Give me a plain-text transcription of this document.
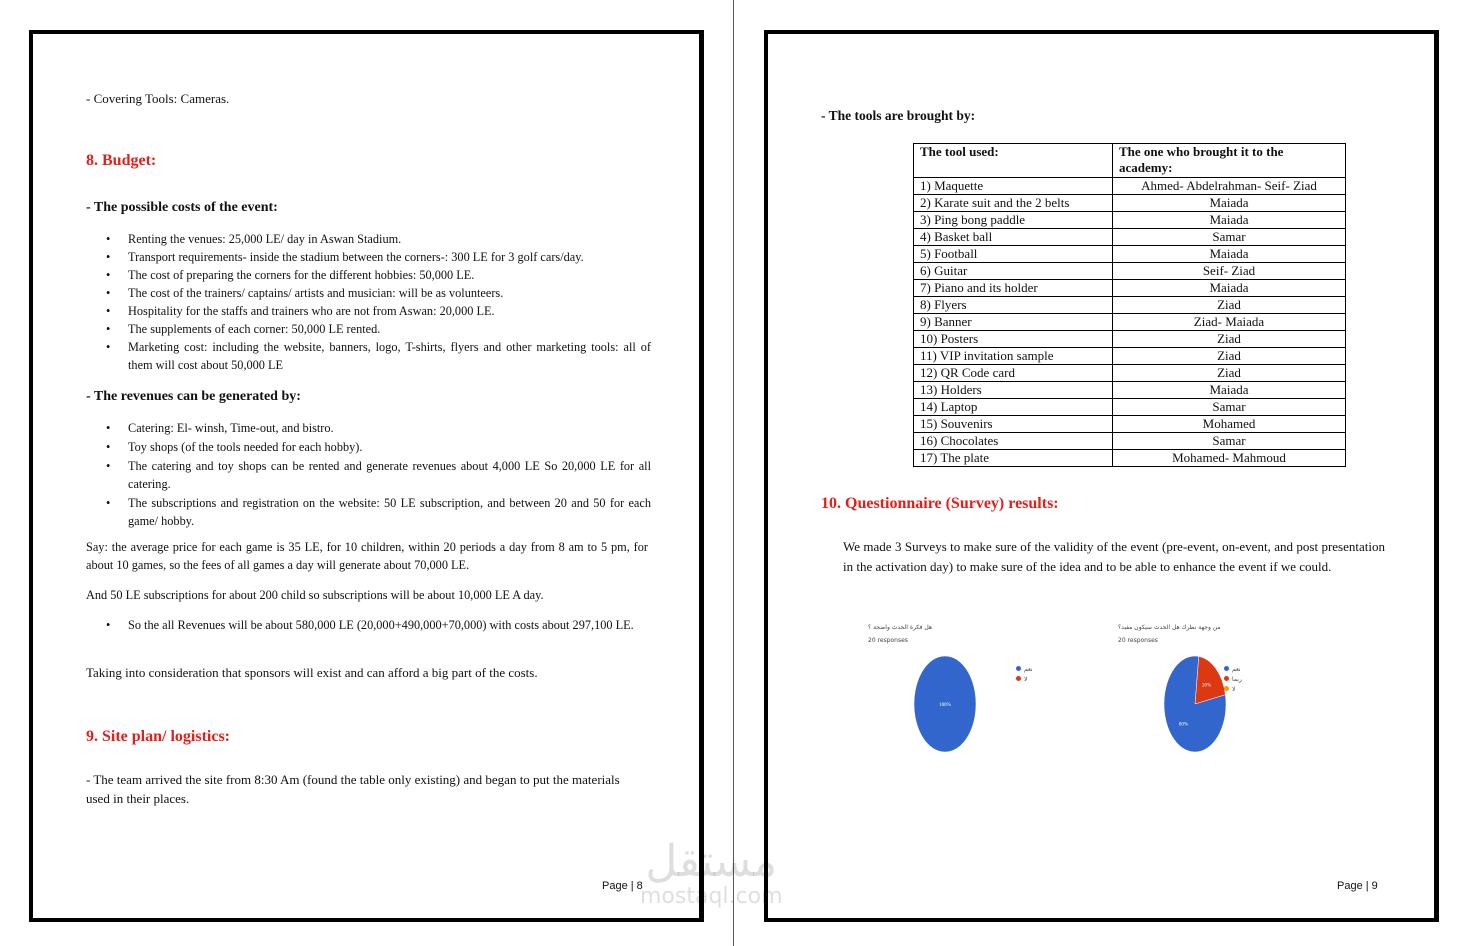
- Covering Tools: Cameras.
8. Budget:
- The possible costs of the event:
• Renting the venues: 25,000 LE/ day in Aswan Stadium.
• Transport requirements- inside the stadium between the corners-: 300 LE for 3 golf cars/day.
• The cost of preparing the corners for the different hobbies: 50,000 LE.
• The cost of the trainers/ captains/ artists and musician: will be as volunteers.
• Hospitality for the staffs and trainers who are not from Aswan: 20,000 LE.
• The supplements of each corner: 50,000 LE rented.
• Marketing cost: including the website, banners, logo, T-shirts, flyers and other marketing tools: all of them will cost about 50,000 LE
- The revenues can be generated by:
• Catering: El- winsh, Time-out, and bistro.
• Toy shops (of the tools needed for each hobby).
• The catering and toy shops can be rented and generate revenues about 4,000 LE So 20,000 LE for all catering.
• The subscriptions and registration on the website: 50 LE subscription, and between 20 and 50 for each game/ hobby.
Say: the average price for each game is 35 LE, for 10 children, within 20 periods a day from 8 am to 5 pm, for about 10 games, so the fees of all games a day will generate about 70,000 LE.
And 50 LE subscriptions for about 200 child so subscriptions will be about 10,000 LE A day.
• So the all Revenues will be about 580,000 LE (20,000+490,000+70,000) with costs about 297,100 LE.
Taking into consideration that sponsors will exist and can afford a big part of the costs.
9. Site plan/ logistics:
- The team arrived the site from 8:30 Am (found the table only existing) and began to put the materials used in their places.
Page | 8
- The tools are brought by:
The tool used:	The one who brought it to the academy:
1) Maquette	Ahmed- Abdelrahman- Seif- Ziad
2) Karate suit and the 2 belts	Maiada
3) Ping bong paddle	Maiada
4) Basket ball	Samar
5) Football	Maiada
6) Guitar	Seif- Ziad
7) Piano and its holder	Maiada
8) Flyers	Ziad
9) Banner	Ziad- Maiada
10) Posters	Ziad
11) VIP invitation sample	Ziad
12) QR Code card	Ziad
13) Holders	Maiada
14) Laptop	Samar
15) Souvenirs	Mohamed
16) Chocolates	Samar
17) The plate	Mohamed- Mahmoud
10. Questionnaire (Survey) results:
We made 3 Surveys to make sure of the validity of the event (pre-event, on-event, and post presentation in the activation day) to make sure of the idea and to be able to enhance the event if we could.
هل فكرة الحدث واضحة ؟
20 responses
100%
نعم
لا
من وجهة نظرك هل الحدث سيكون مفيد؟
20 responses
20%
80%
نعم
ربما
لا
Page | 9
مستقل
mostaql.com
